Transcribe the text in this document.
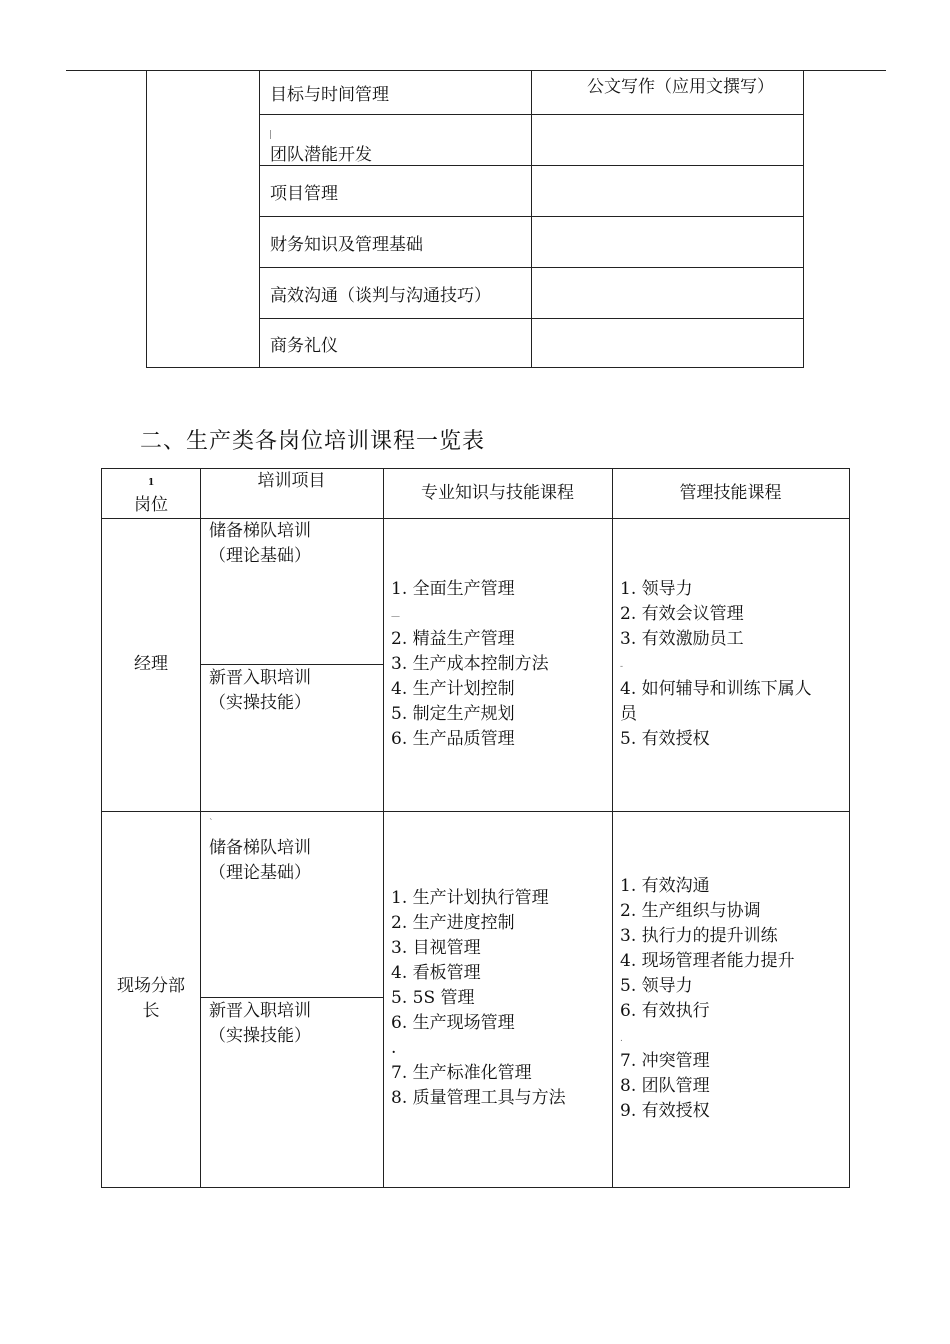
目标与时间管理	公文写作（应用文撰写）
团队潜能开发
项目管理
财务知识及管理基础
高效沟通（谈判与沟通技巧）
商务礼仪
二、生产类各岗位培训课程一览表
1
岗位
培训项目
专业知识与技能课程	管理技能课程
经理
储备梯队培训
（理论基础）
新晋入职培训
（实操技能）
1. 全面生产管理
—
2. 精益生产管理
3. 生产成本控制方法
4. 生产计划控制
5. 制定生产规划
6. 生产品质管理
1. 领导力
2. 有效会议管理
3. 有效激励员工
-
4. 如何辅导和训练下属人
员
5. 有效授权
现场分部
长
`
储备梯队培训
（理论基础）
新晋入职培训
（实操技能）
1. 生产计划执行管理
2. 生产进度控制
3. 目视管理
4. 看板管理
5. 5S 管理
6. 生产现场管理
.
7. 生产标准化管理
8. 质量管理工具与方法
1. 有效沟通
2. 生产组织与协调
3. 执行力的提升训练
4. 现场管理者能力提升
5. 领导力
6. 有效执行
.
7. 冲突管理
8. 团队管理
9. 有效授权
